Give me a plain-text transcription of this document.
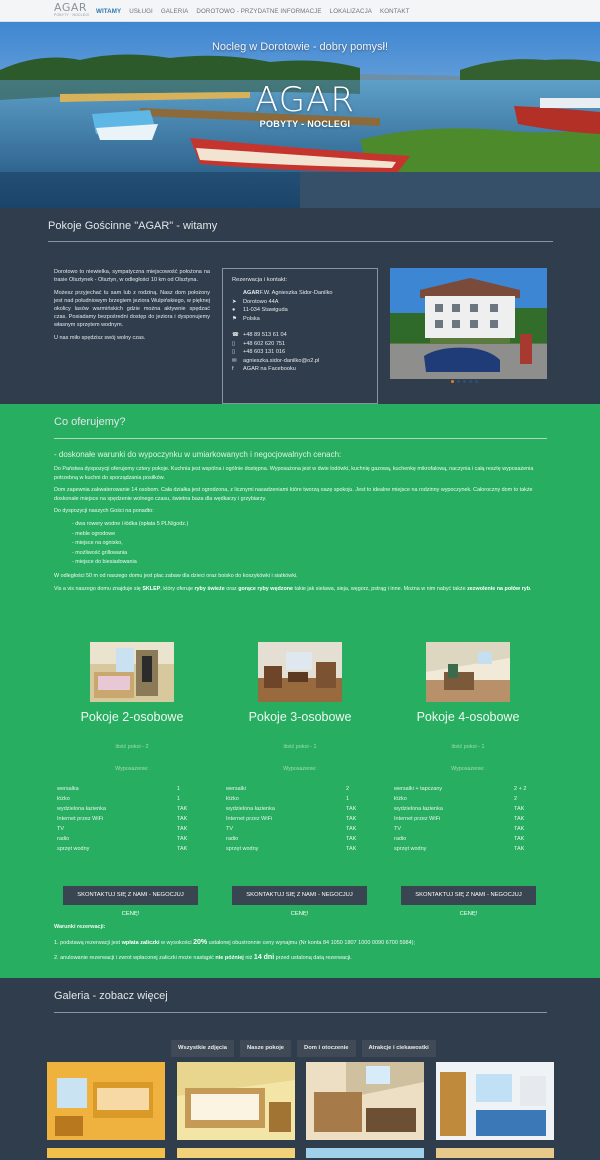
AGAR
POBYTY · NOCLEGI
WITAMY USŁUGI GALERIA DOROTOWO - PRZYDATNE INFORMACJE LOKALIZACJA KONTAKT
Nocleg w Dorotowie - dobry pomysł!
AGAR
POBYTY - NOCLEGI
Pokoje Gościnne "AGAR" - witamy

Dorotowo to niewielka, sympatyczna miejscowość położona na trasie Olsztynek - Olsztyn, w odległości 10 km od Olsztyna.

Możesz przyjechać tu sam lub z rodziną. Nasz dom położony jest nad południowym brzegiem jeziora Wulpińskiego, w pięknej okolicy lasów warmińskich gdzie można aktywnie spędzać czas. Posiadamy bezpośredni dostęp do jeziora i dysponujemy własnym sprzętem wodnym.

U nas miło spędzisz swój wolny czas.

Rezerwacja i kontakt:
AGAR F.W. Agnieszka Sidor-Danilko
➤	Dorotowo 44A
●	11-034 Stawiguda
⚑	Polska
☎ +48 89 513 61 04
▯	+48 602 620 751
▯	+48 603 131 016
✉	agnieszka.sidor-danilko@o2.pl
f	AGAR na Facebooku
Co oferujemy?
- doskonałe warunki do wypoczynku w umiarkowanych i negocjowalnych cenach:

Do Państwa dyspozycji oferujemy cztery pokoje. Kuchnia jest wspólna i ogólnie dostępna. Wyposażona jest w dwie lodówki, kuchnię gazową, kuchenkę mikrofalową, naczynia i całą resztę wyposażenia potrzebną w kuchni do sporządzania posiłków.

Dom zapewnia zakwaterowanie 14 osobom. Cała działka jest ogrodzona, z licznymi nasadzeniami które tworzą oazę spokoju. Jest to idealne miejsce na rodzinny wypoczynek. Całoroczny dom to także doskonałe miejsce na spędzenie wolnego czasu, świetna baza dla wędkarzy i grzybiarzy.

Do dyspozycji naszych Gości na ponadto:

- dwa rowery wodne i łódka (opłata 5 PLN/godz.)
- meble ogrodowe
- miejsce na ognisko,
- możliwość grillowania
- miejsce do biesiadowania

W odległości 50 m od naszego domu jest plac zabaw dla dzieci oraz boisko do koszykówki i siatkówki.

Vis a vis naszego domu znajduje się SKLEP, który oferuje ryby świeże oraz gorące ryby wędzone takie jak sielawa, sieja, węgorz, pstrąg i inne. Można w nim nabyć także zezwolenie na połów ryb.

Pokoje 2-osobowe	Pokoje 3-osobowe	Pokoje 4-osobowe
ilość pokoi - 2	ilość pokoi - 1	ilość pokoi - 1
Wyposażenie:	Wyposażenie:	Wyposażenie:
wersalka	1
łóżko	1
wydzielona łazienka	TAK
Internet przez WiFi	TAK
TV	TAK
radio	TAK
sprzęt wodny	TAK
wersalki	2
łóżko	1
wydzielona łazienka	TAK
Internet przez WiFi	TAK
TV	TAK
radio	TAK
sprzęt wodny	TAK
wersalki + tapczany	2 + 2
łóżko	2
wydzielona łazienka	TAK
Internet przez WiFi	TAK
TV	TAK
radio	TAK
sprzęt wodny	TAK
SKONTAKTUJ SIĘ Z NAMI - NEGOCJUJ CENĘ!
SKONTAKTUJ SIĘ Z NAMI - NEGOCJUJ CENĘ!
SKONTAKTUJ SIĘ Z NAMI - NEGOCJUJ CENĘ!
Warunki rezerwacji:

1. podstawą rezerwacji jest wpłata zaliczki w wysokości 20% ustalonej obustronnie ceny wynajmu (Nr konta 84 1050 1807 1000 0090 6700 5984);

2. anulowanie rezerwacji i zwrot wpłaconej zaliczki może nastąpić nie później niż 14 dni przed ustaloną datą rezerwacji.

Galeria - zobacz więcej
Wszystkie zdjęcia	Nasze pokoje	Dom i otoczenie	Atrakcje i ciekawostki
